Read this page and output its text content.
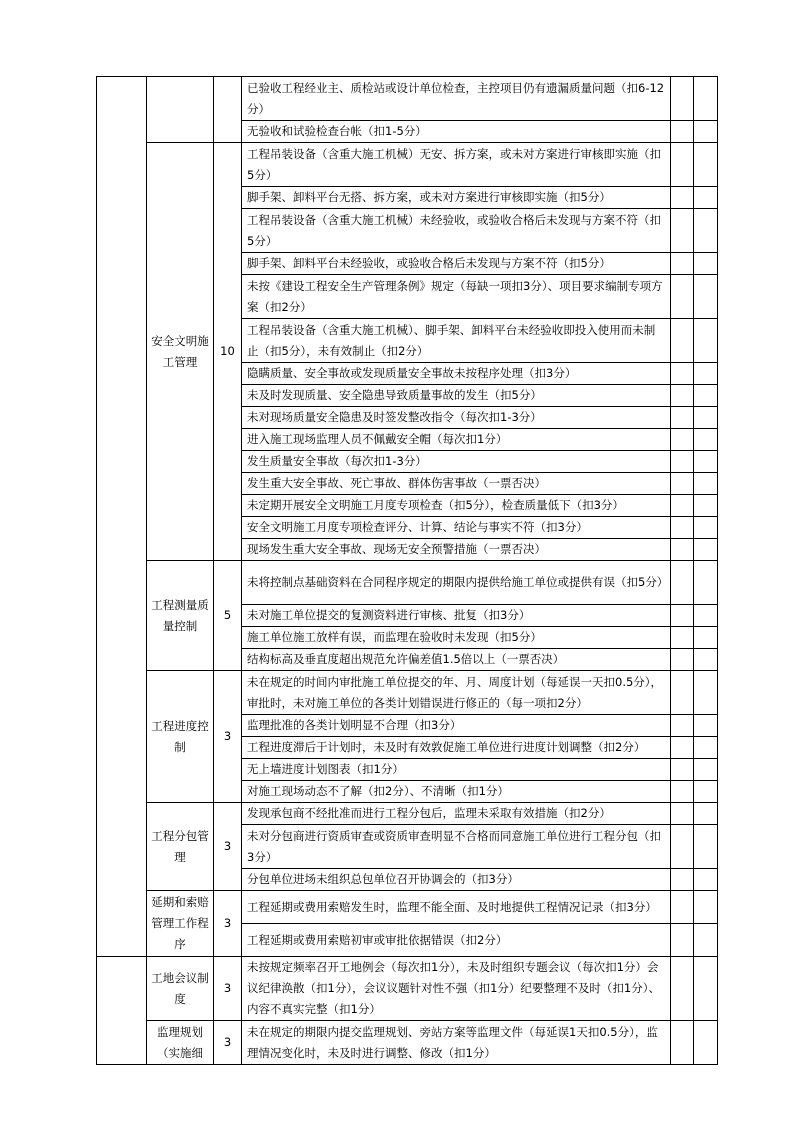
			已验收工程经业主、质检站或设计单位检查，主控项目仍有遗漏质量问题（扣6-12分）		
			无验收和试验检查台帐（扣1-5分）		
	安全文明施工管理	10	工程吊装设备（含重大施工机械）无安、拆方案，或未对方案进行审核即实施（扣5分）		
			脚手架、卸料平台无搭、拆方案，或未对方案进行审核即实施（扣5分）		
			工程吊装设备（含重大施工机械）未经验收，或验收合格后未发现与方案不符（扣5分）		
			脚手架、卸料平台未经验收，或验收合格后未发现与方案不符（扣5分）		
			未按《建设工程安全生产管理条例》规定（每缺一项扣3分）、项目要求编制专项方案（扣2分）		
			工程吊装设备（含重大施工机械）、脚手架、卸料平台未经验收即投入使用而未制止（扣5分），未有效制止（扣2分）		
			隐瞒质量、安全事故或发现质量安全事故未按程序处理（扣3分）		
			未及时发现质量、安全隐患导致质量事故的发生（扣5分）		
			未对现场质量安全隐患及时签发整改指令（每次扣1-3分）		
			进入施工现场监理人员不佩戴安全帽（每次扣1分）		
			发生质量安全事故（每次扣1-3分）		
			发生重大安全事故、死亡事故、群体伤害事故（一票否决）		
			未定期开展安全文明施工月度专项检查（扣5分），检查质量低下（扣3分）		
			安全文明施工月度专项检查评分、计算、结论与事实不符（扣3分）		
			现场发生重大安全事故、现场无安全预警措施（一票否决）		
	工程测量质量控制	5	未将控制点基础资料在合同程序规定的期限内提供给施工单位或提供有误（扣5分）		
			未对施工单位提交的复测资料进行审核、批复（扣3分）		
			施工单位施工放样有误，而监理在验收时未发现（扣5分）		
			结构标高及垂直度超出规范允许偏差值1.5倍以上（一票否决）		
	工程进度控制	3	未在规定的时间内审批施工单位提交的年、月、周度计划（每延误一天扣0.5分），审批时，未对施工单位的各类计划错误进行修正的（每一项扣2分）		
			监理批准的各类计划明显不合理（扣3分）		
			工程进度滞后于计划时，未及时有效敦促施工单位进行进度计划调整（扣2分）		
			无上墙进度计划图表（扣1分）		
			对施工现场动态不了解（扣2分）、不清晰（扣1分）		
	工程分包管理	3	发现承包商不经批准而进行工程分包后，监理未采取有效措施（扣2分）		
			未对分包商进行资质审查或资质审查明显不合格而同意施工单位进行工程分包（扣3分）		
			分包单位进场未组织总包单位召开协调会的（扣3分）		
	延期和索赔管理工作程序	3	工程延期或费用索赔发生时，监理不能全面、及时地提供工程情况记录（扣3分）		
			工程延期或费用索赔初审或审批依据错误（扣2分）		
	工地会议制度	3	未按规定频率召开工地例会（每次扣1分），未及时组织专题会议（每次扣1分）会议纪律涣散（扣1分），会议议题针对性不强（扣1分）纪要整理不及时（扣1分）、内容不真实完整（扣1分）		
	监理规划（实施细	3	未在规定的期限内提交监理规划、旁站方案等监理文件（每延误1天扣0.5分），监理情况变化时，未及时进行调整、修改（扣1分）		
